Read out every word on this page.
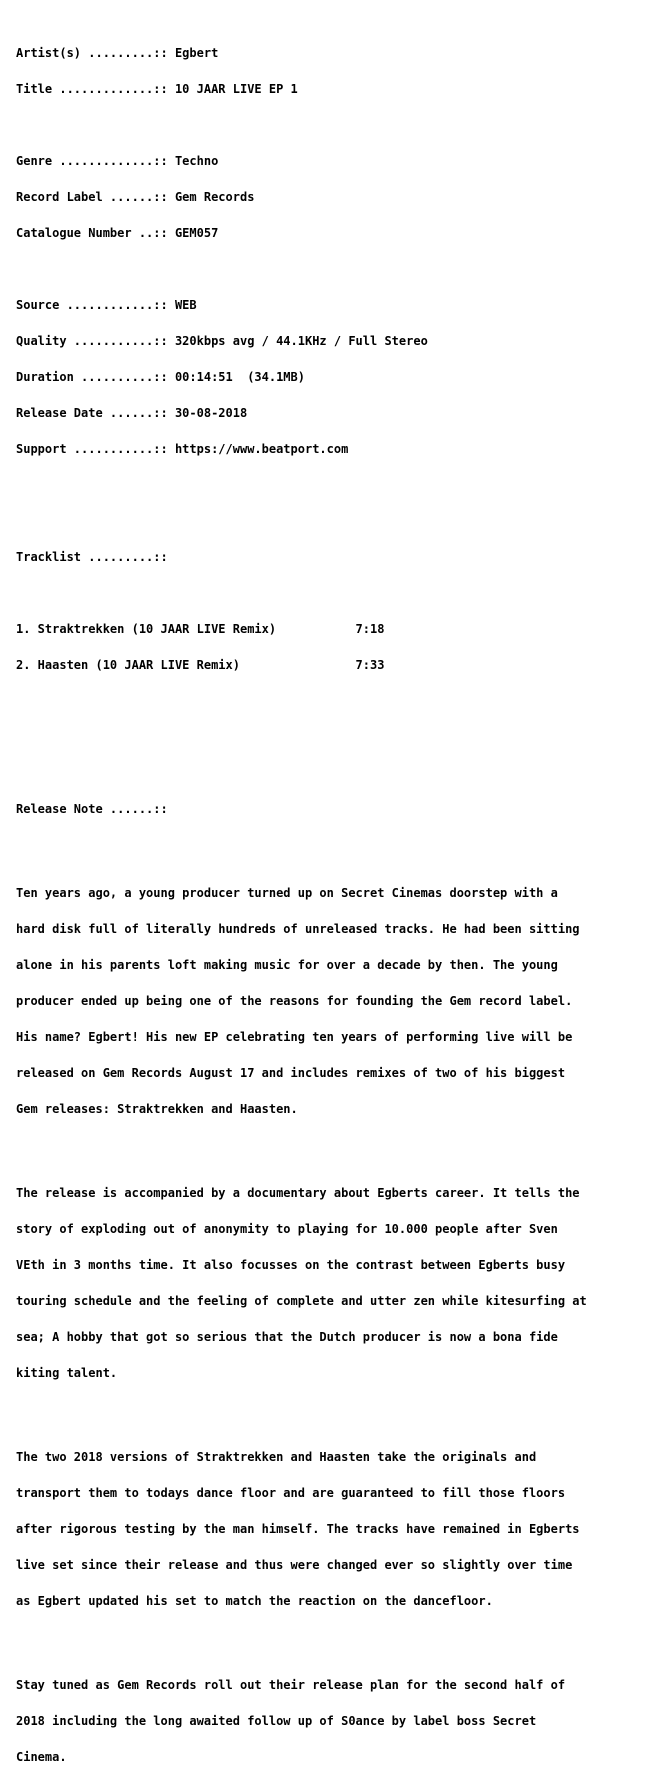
Artist(s) .........:: Egbert

Title .............:: 10 JAAR LIVE EP 1

Genre .............:: Techno

Record Label ......:: Gem Records

Catalogue Number ..:: GEM057

Source ............:: WEB

Quality ...........:: 320kbps avg / 44.1KHz / Full Stereo

Duration ..........:: 00:14:51  (34.1MB)

Release Date ......:: 30-08-2018

Support ...........:: https://www.beatport.com

Tracklist .........::

1. Straktrekken (10 JAAR LIVE Remix)           7:18

2. Haasten (10 JAAR LIVE Remix)                7:33

Release Note ......::

Ten years ago, a young producer turned up on Secret Cinemas doorstep with a

hard disk full of literally hundreds of unreleased tracks. He had been sitting

alone in his parents loft making music for over a decade by then. The young

producer ended up being one of the reasons for founding the Gem record label.

His name? Egbert! His new EP celebrating ten years of performing live will be

released on Gem Records August 17 and includes remixes of two of his biggest

Gem releases: Straktrekken and Haasten.

The release is accompanied by a documentary about Egberts career. It tells the

story of exploding out of anonymity to playing for 10.000 people after Sven

VEth in 3 months time. It also focusses on the contrast between Egberts busy

touring schedule and the feeling of complete and utter zen while kitesurfing at

sea; A hobby that got so serious that the Dutch producer is now a bona fide

kiting talent.

The two 2018 versions of Straktrekken and Haasten take the originals and

transport them to todays dance floor and are guaranteed to fill those floors

after rigorous testing by the man himself. The tracks have remained in Egberts

live set since their release and thus were changed ever so slightly over time

as Egbert updated his set to match the reaction on the dancefloor.

Stay tuned as Gem Records roll out their release plan for the second half of

2018 including the long awaited follow up of S0ance by label boss Secret

Cinema.
